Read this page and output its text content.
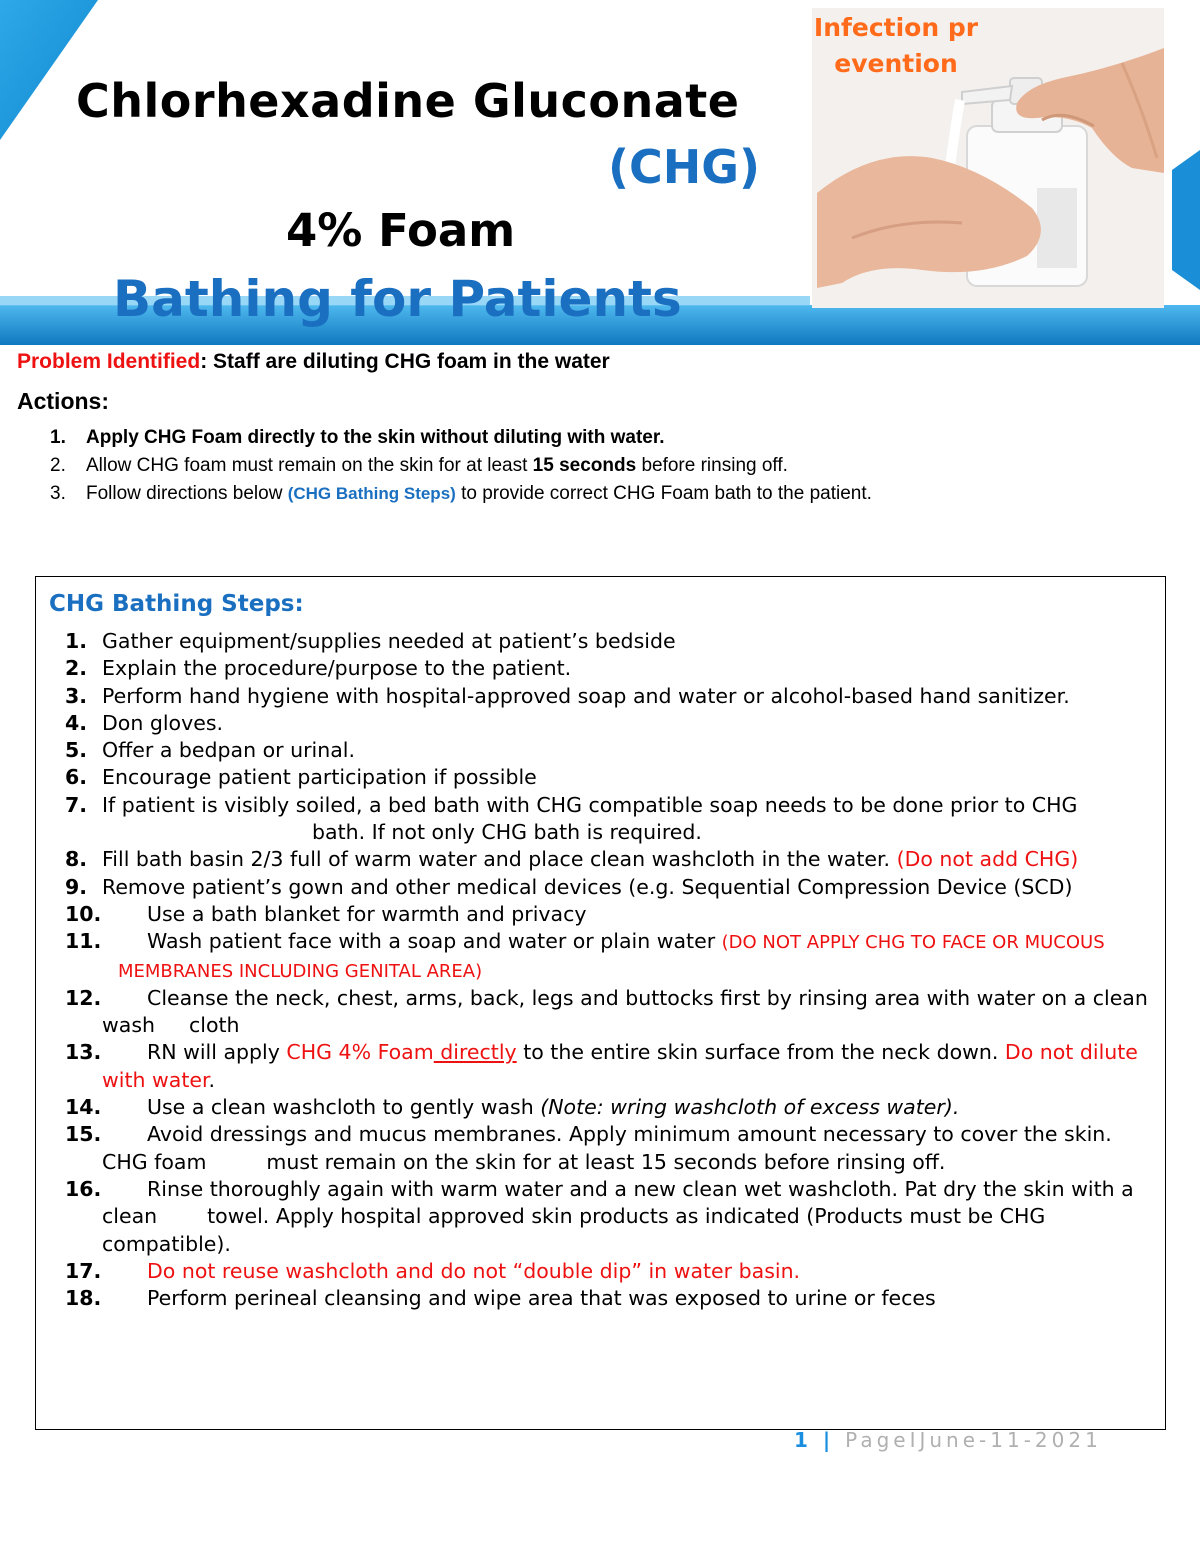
Chlorhexadine Gluconate
(CHG)
4% Foam
Bathing for Patients
Infection prevention
Problem Identified: Staff are diluting CHG foam in the water
Actions:
1. Apply CHG Foam directly to the skin without diluting with water.
2. Allow CHG foam must remain on the skin for at least 15 seconds before rinsing off.
3. Follow directions below (CHG Bathing Steps) to provide correct CHG Foam bath to the patient.
CHG Bathing Steps:
1. Gather equipment/supplies needed at patient’s bedside
2. Explain the procedure/purpose to the patient.
3. Perform hand hygiene with hospital-approved soap and water or alcohol-based hand sanitizer.
4. Don gloves.
5. Offer a bedpan or urinal.
6. Encourage patient participation if possible
7. If patient is visibly soiled, a bed bath with CHG compatible soap needs to be done prior to CHGbath. If not only CHG bath is required.
8. Fill bath basin 2/3 full of warm water and place clean washcloth in the water. (Do not add CHG)
9. Remove patient’s gown and other medical devices (e.g. Sequential Compression Device (SCD)
10. Use a bath blanket for warmth and privacy
11. Wash patient face with a soap and water or plain water (DO NOT APPLY CHG TO FACE OR MUCOUS
MEMBRANES INCLUDING GENITAL AREA)
12. Cleanse the neck, chest, arms, back, legs and buttocks first by rinsing area with water on a clean wash cloth
13. RN will apply CHG 4% Foam directly to the entire skin surface from the neck down. Do not dilute with water.
14. Use a clean washcloth to gently wash (Note: wring washcloth of excess water).
15. Avoid dressings and mucus membranes. Apply minimum amount necessary to cover the skin. CHG foam	must remain on the skin for at least 15 seconds before rinsing off.
16. Rinse thoroughly again with warm water and a new clean wet washcloth. Pat dry the skin with a clean towel. Apply hospital approved skin products as indicated (Products must be CHG compatible).
17. Do not reuse washcloth and do not “double dip” in water basin.
18. Perform perineal cleansing and wipe area that was exposed to urine or feces
1 | PageIJune-11-2021
